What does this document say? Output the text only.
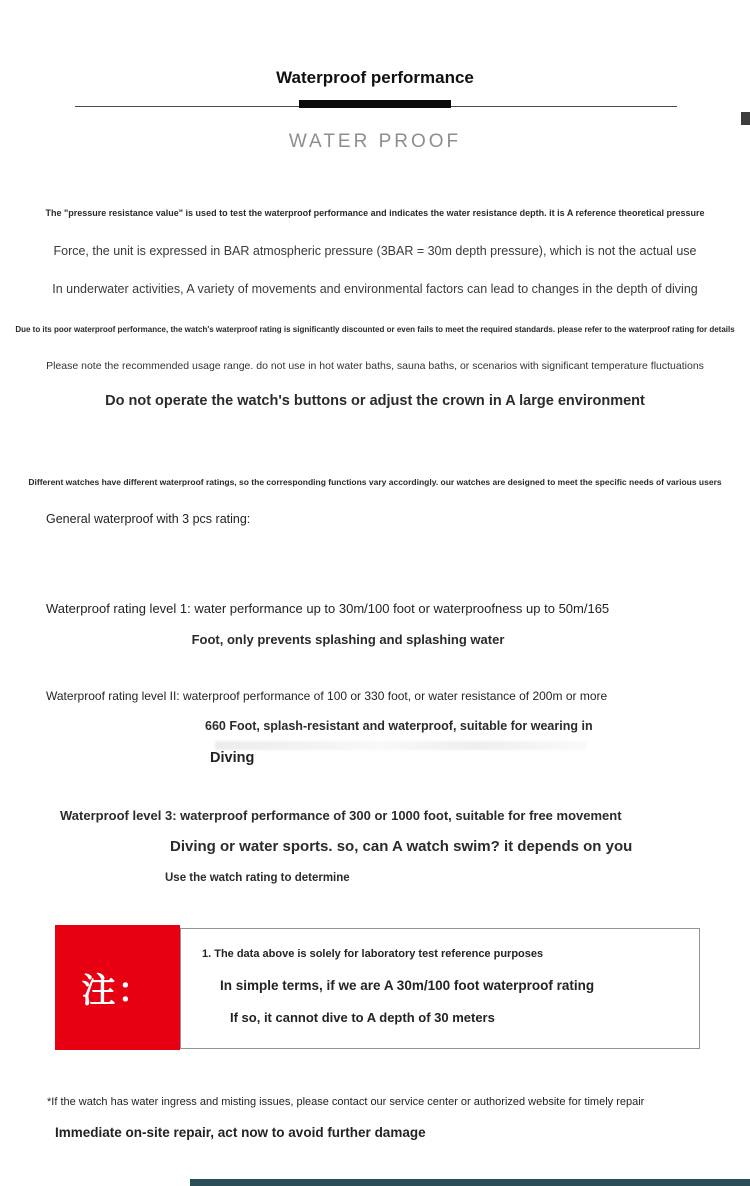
Waterproof performance
WATER PROOF
The "pressure resistance value" is used to test the waterproof performance and indicates the water resistance depth. it is A reference theoretical pressure
Force, the unit is expressed in BAR atmospheric pressure (3BAR = 30m depth pressure), which is not the actual use
In underwater activities, A variety of movements and environmental factors can lead to changes in the depth of diving
Due to its poor waterproof performance, the watch's waterproof rating is significantly discounted or even fails to meet the required standards. please refer to the waterproof rating for details
Please note the recommended usage range. do not use in hot water baths, sauna baths, or scenarios with significant temperature fluctuations
Do not operate the watch's buttons or adjust the crown in A large environment
Different watches have different waterproof ratings, so the corresponding functions vary accordingly. our watches are designed to meet the specific needs of various users
General waterproof with 3 pcs rating:
Waterproof rating level 1: water performance up to 30m/100 foot or waterproofness up to 50m/165
Foot, only prevents splashing and splashing water
Waterproof rating level II: waterproof performance of 100 or 330 foot, or water resistance of 200m or more
660 Foot, splash-resistant and waterproof, suitable for wearing in
Diving
Waterproof level 3: waterproof performance of 300 or 1000 foot, suitable for free movement
Diving or water sports. so, can A watch swim? it depends on you
Use the watch rating to determine
注：
1. The data above is solely for laboratory test reference purposes
In simple terms, if we are A 30m/100 foot waterproof rating
If so, it cannot dive to A depth of 30 meters
*If the watch has water ingress and misting issues, please contact our service center or authorized website for timely repair
Immediate on-site repair, act now to avoid further damage
